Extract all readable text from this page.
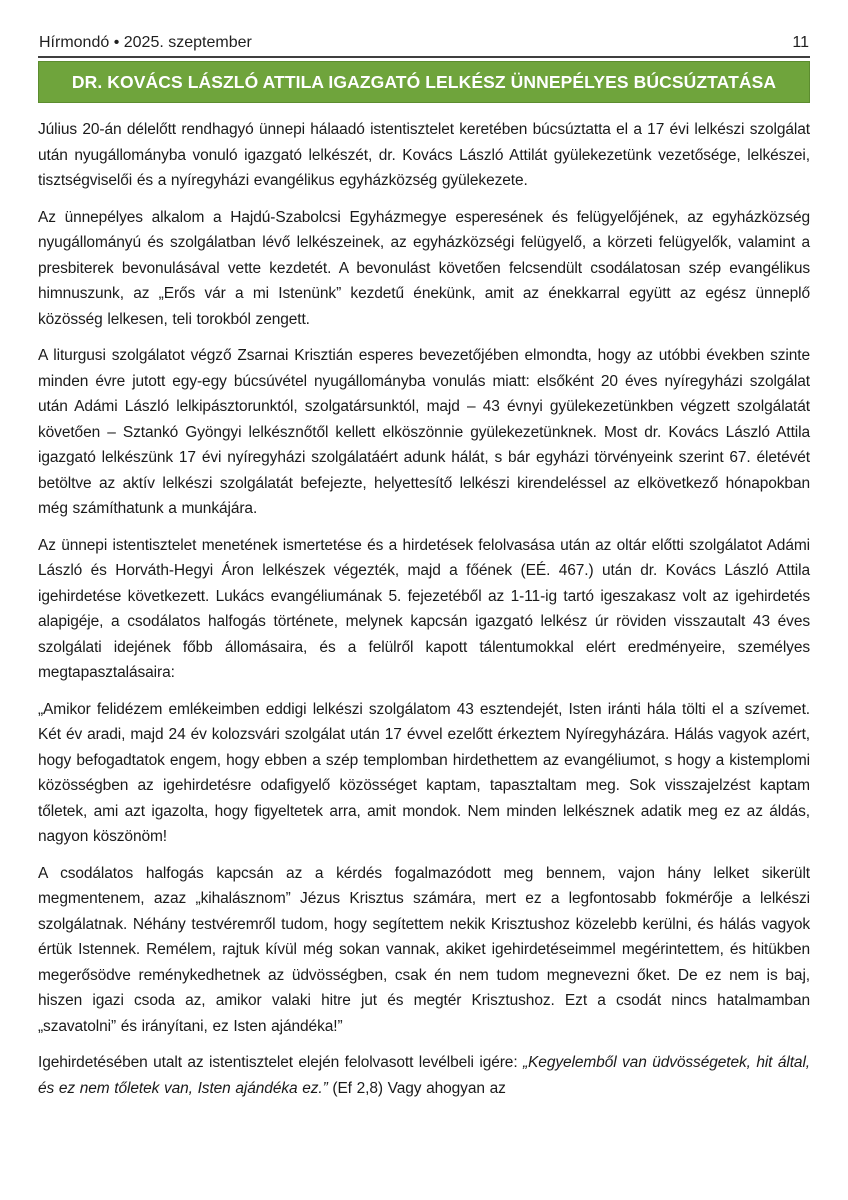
Hírmondó • 2025. szeptember	11
DR. KOVÁCS LÁSZLÓ ATTILA IGAZGATÓ LELKÉSZ ÜNNEPÉLYES BÚCSÚZTATÁSA

Július 20-án délelőtt rendhagyó ünnepi hálaadó istentisztelet keretében búcsúztatta el a 17 évi lelkészi szolgálat után nyugállományba vonuló igazgató lelkészét, dr. Kovács László Attilát gyülekezetünk vezetősége, lelkészei, tisztségviselői és a nyíregyházi evangélikus egyházközség gyülekezete.

Az ünnepélyes alkalom a Hajdú-Szabolcsi Egyházmegye esperesének és felügyelőjének, az egyházközség nyugállományú és szolgálatban lévő lelkészeinek, az egyházközségi felügyelő, a körzeti felügyelők, valamint a presbiterek bevonulásával vette kezdetét. A bevonulást követően felcsendült csodálatosan szép evangélikus himnuszunk, az „Erős vár a mi Istenünk” kezdetű énekünk, amit az énekkarral együtt az egész ünneplő közösség lelkesen, teli torokból zengett.

A liturgusi szolgálatot végző Zsarnai Krisztián esperes bevezetőjében elmondta, hogy az utóbbi években szinte minden évre jutott egy-egy búcsúvétel nyugállományba vonulás miatt: elsőként 20 éves nyíregyházi szolgálat után Adámi László lelkipásztorunktól, szolgatársunktól, majd – 43 évnyi gyülekezetünkben végzett szolgálatát követően – Sztankó Gyöngyi lelkésznőtől kellett elköszönnie gyülekezetünknek. Most dr. Kovács László Attila igazgató lelkészünk 17 évi nyíregyházi szolgálatáért adunk hálát, s bár egyházi törvényeink szerint 67. életévét betöltve az aktív lelkészi szolgálatát befejezte, helyettesítő lelkészi kirendeléssel az elkövetkező hónapokban még számíthatunk a munkájára.

Az ünnepi istentisztelet menetének ismertetése és a hirdetések felolvasása után az oltár előtti szolgálatot Adámi László és Horváth-Hegyi Áron lelkészek végezték, majd a főének (EÉ. 467.) után dr. Kovács László Attila igehirdetése következett. Lukács evangéliumának 5. fejezetéből az 1-11-ig tartó igeszakasz volt az igehirdetés alapigéje, a csodálatos halfogás története, melynek kapcsán igazgató lelkész úr röviden visszautalt 43 éves szolgálati idejének főbb állomásaira, és a felülről kapott tálentumokkal elért eredményeire, személyes megtapasztalásaira:

„Amikor felidézem emlékeimben eddigi lelkészi szolgálatom 43 esztendejét, Isten iránti hála tölti el a szívemet. Két év aradi, majd 24 év kolozsvári szolgálat után 17 évvel ezelőtt érkeztem Nyíregyházára. Hálás vagyok azért, hogy befogadtatok engem, hogy ebben a szép templomban hirdethettem az evangéliumot, s hogy a kistemplomi közösségben az igehirdetésre odafigyelő közösséget kaptam, tapasztaltam meg. Sok visszajelzést kaptam tőletek, ami azt igazolta, hogy figyeltetek arra, amit mondok. Nem minden lelkésznek adatik meg ez az áldás, nagyon köszönöm!

A csodálatos halfogás kapcsán az a kérdés fogalmazódott meg bennem, vajon hány lelket sikerült megmentenem, azaz „kihalásznom” Jézus Krisztus számára, mert ez a legfontosabb fokmérője a lelkészi szolgálatnak. Néhány testvéremről tudom, hogy segítettem nekik Krisztushoz közelebb kerülni, és hálás vagyok értük Istennek. Remélem, rajtuk kívül még sokan vannak, akiket igehirdetéseimmel megérintettem, és hitükben megerősödve reménykedhetnek az üdvösségben, csak én nem tudom megnevezni őket. De ez nem is baj, hiszen igazi csoda az, amikor valaki hitre jut és megtér Krisztushoz. Ezt a csodát nincs hatalmamban „szavatolni” és irányítani, ez Isten ajándéka!”

Igehirdetésében utalt az istentisztelet elején felolvasott levélbeli igére: „Kegyelemből van üdvösségetek, hit által, és ez nem tőletek van, Isten ajándéka ez.” (Ef 2,8) Vagy ahogyan az
